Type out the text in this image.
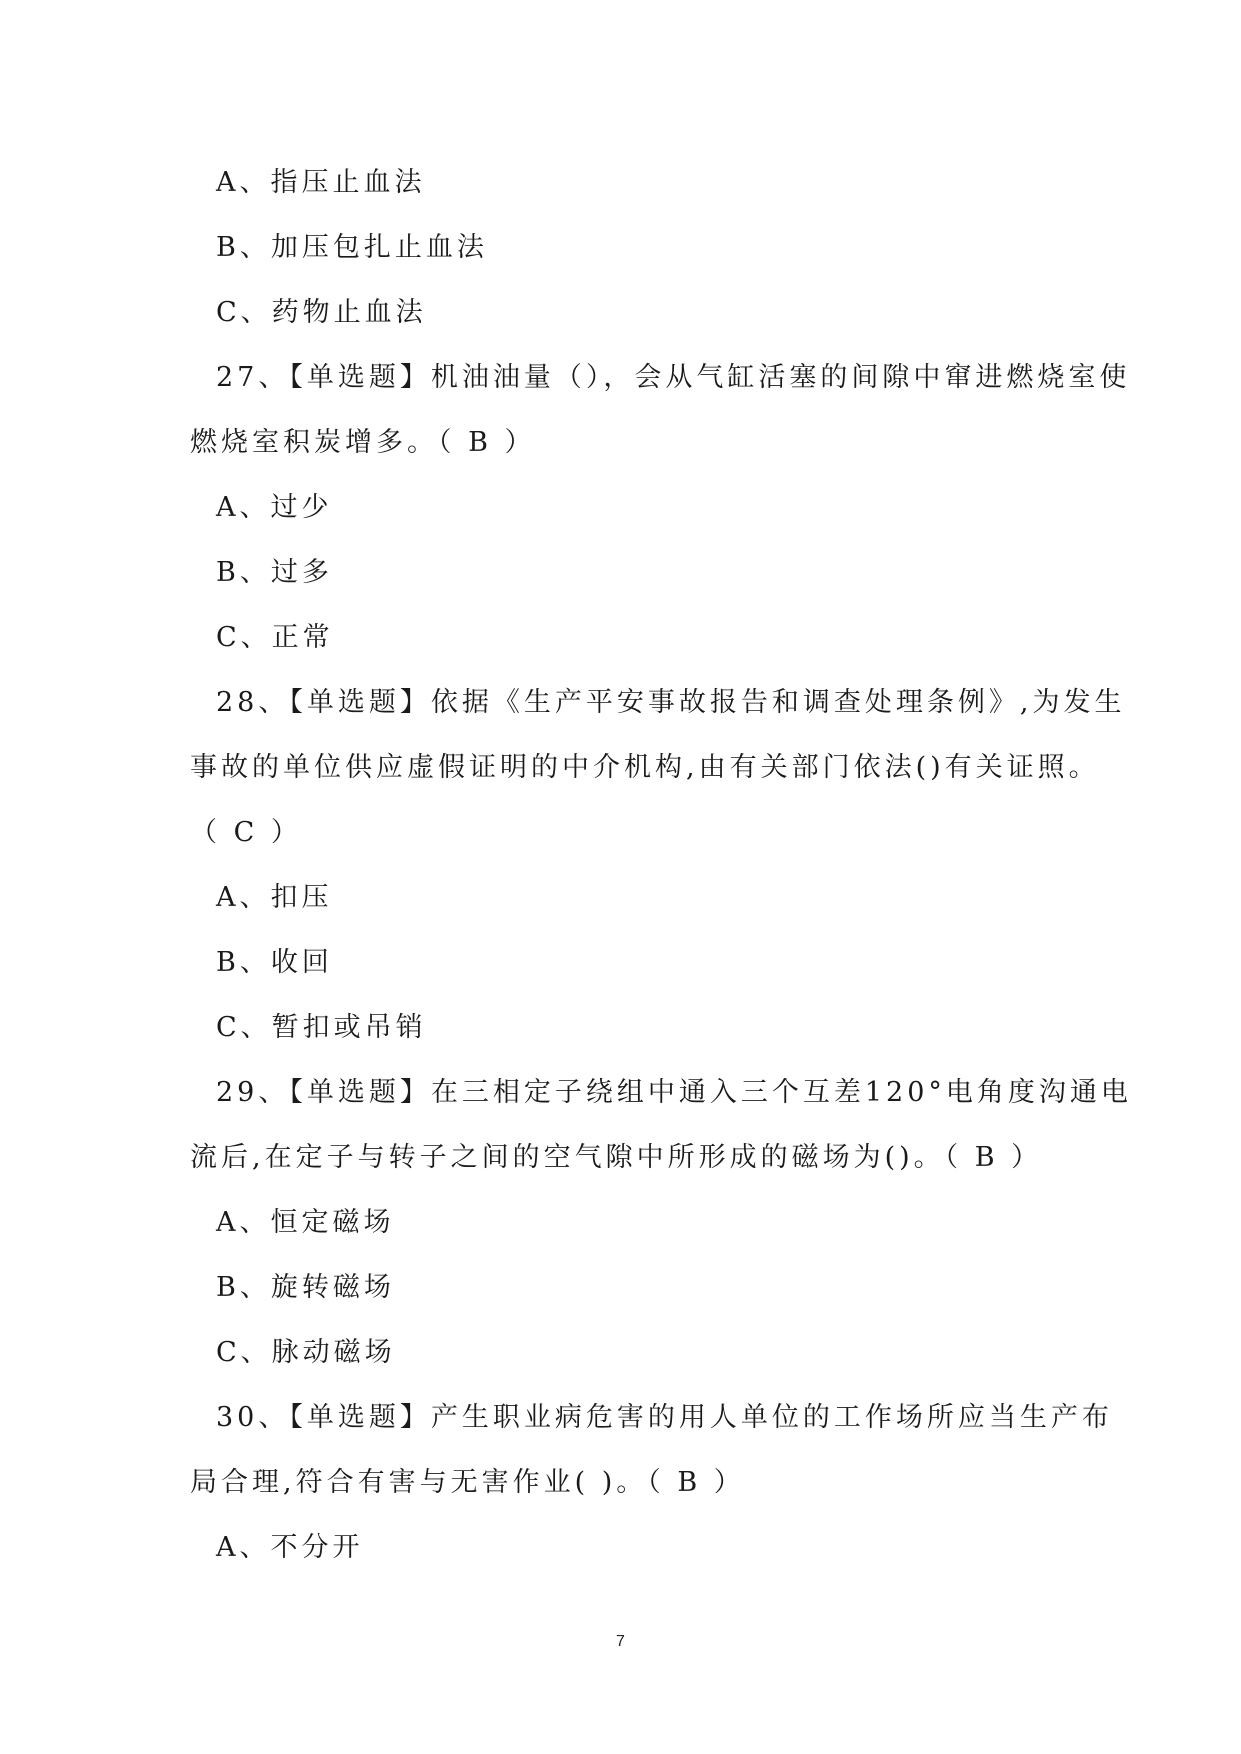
A、指压止血法
B、加压包扎止血法
C、药物止血法
27、【单选题】机油油量（），会从气缸活塞的间隙中窜进燃烧室使
燃烧室积炭增多。（ B ）
A、过少
B、过多
C、正常
28、【单选题】依据《生产平安事故报告和调查处理条例》,为发生
事故的单位供应虚假证明的中介机构,由有关部门依法()有关证照。
（ C ）
A、扣压
B、收回
C、暂扣或吊销
29、【单选题】在三相定子绕组中通入三个互差120°电角度沟通电
流后,在定子与转子之间的空气隙中所形成的磁场为()。（ B ）
A、恒定磁场
B、旋转磁场
C、脉动磁场
30、【单选题】产生职业病危害的用人单位的工作场所应当生产布
局合理,符合有害与无害作业( )。（ B ）
A、不分开
7
